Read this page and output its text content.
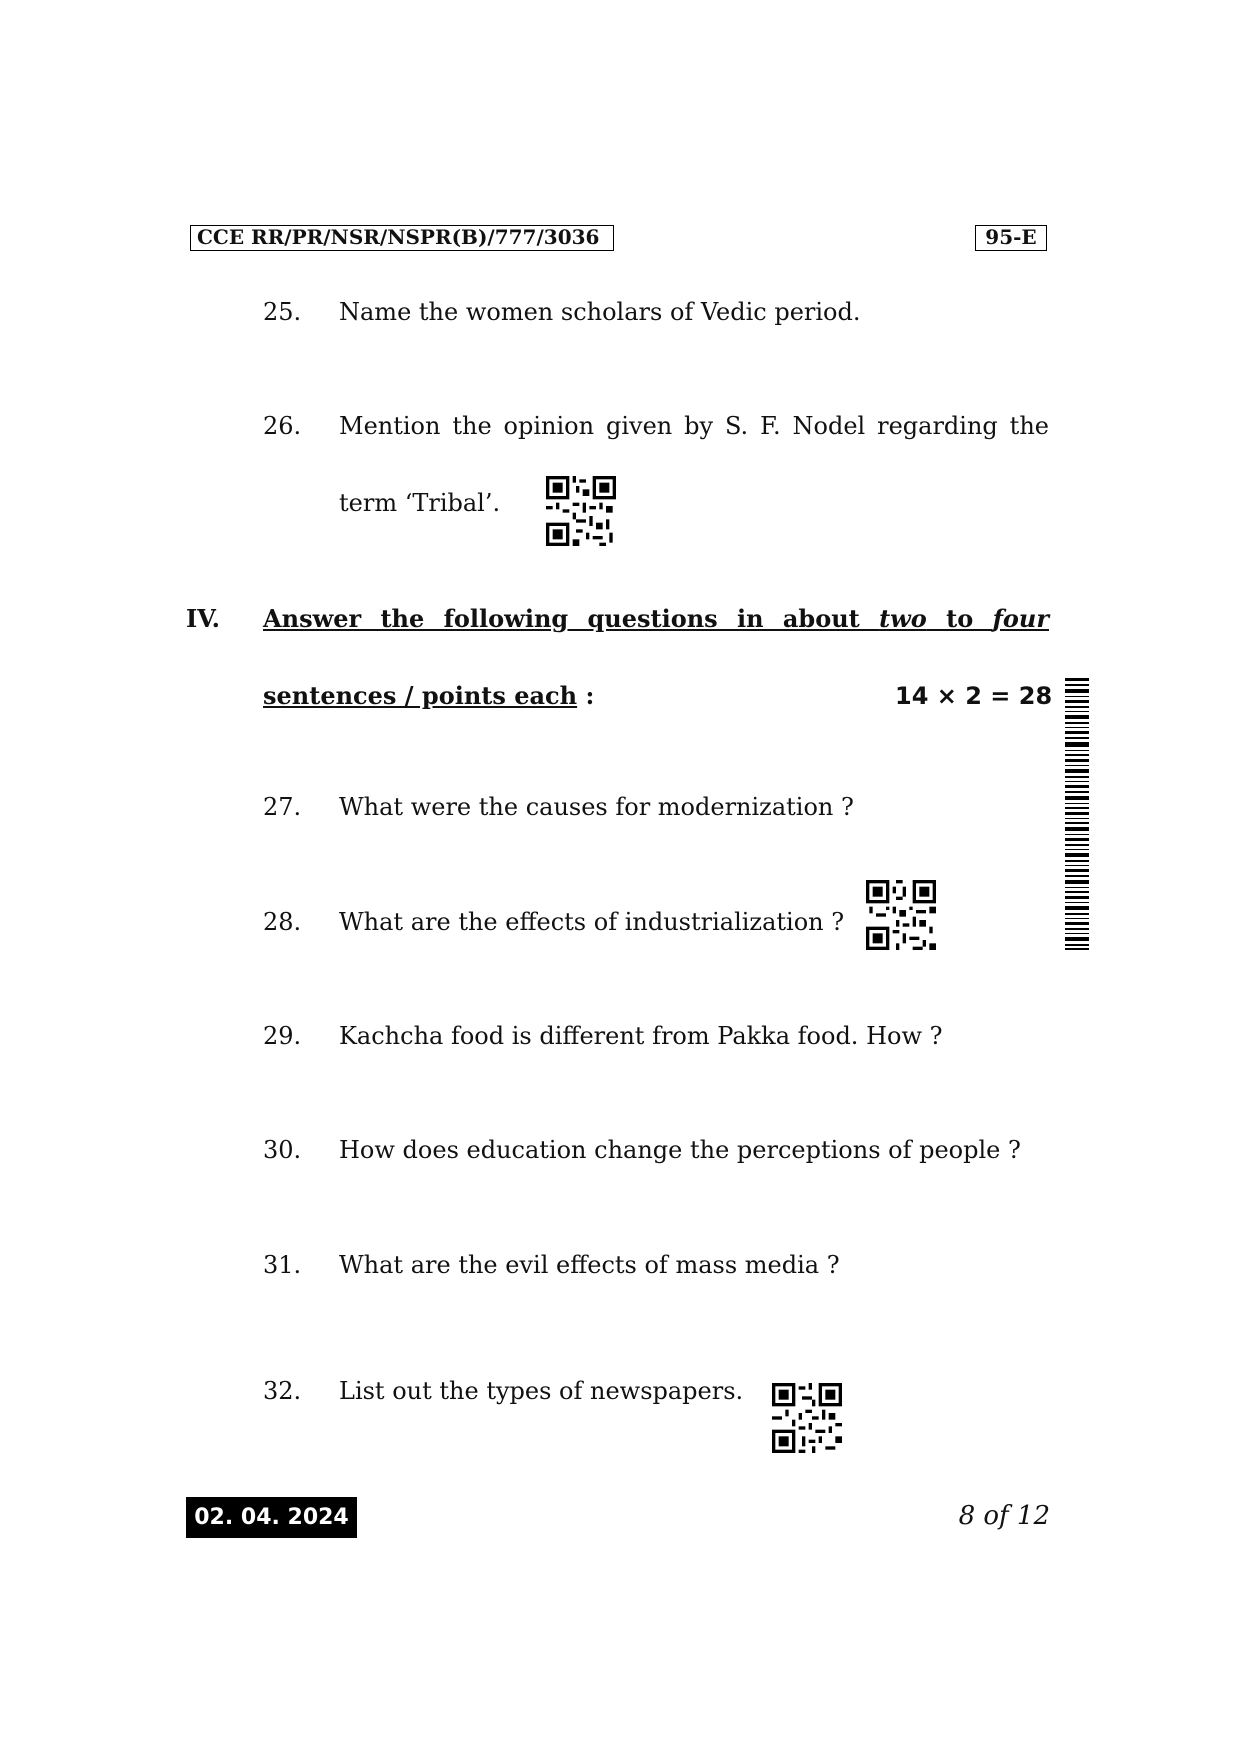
CCE RR/PR/NSR/NSPR(B)/777/3036	95-E
25. Name the women scholars of Vedic period.
26. Mention the opinion given by S. F. Nodel regarding the
term ‘Tribal’.
IV. Answer the following questions in about two to four
sentences / points each :	14 × 2 = 28
27. What were the causes for modernization ?
28. What are the effects of industrialization ?
29. Kachcha food is different from Pakka food. How ?
30. How does education change the perceptions of people ?
31. What are the evil effects of mass media ?
32. List out the types of newspapers.
02. 04. 2024	8 of 12
